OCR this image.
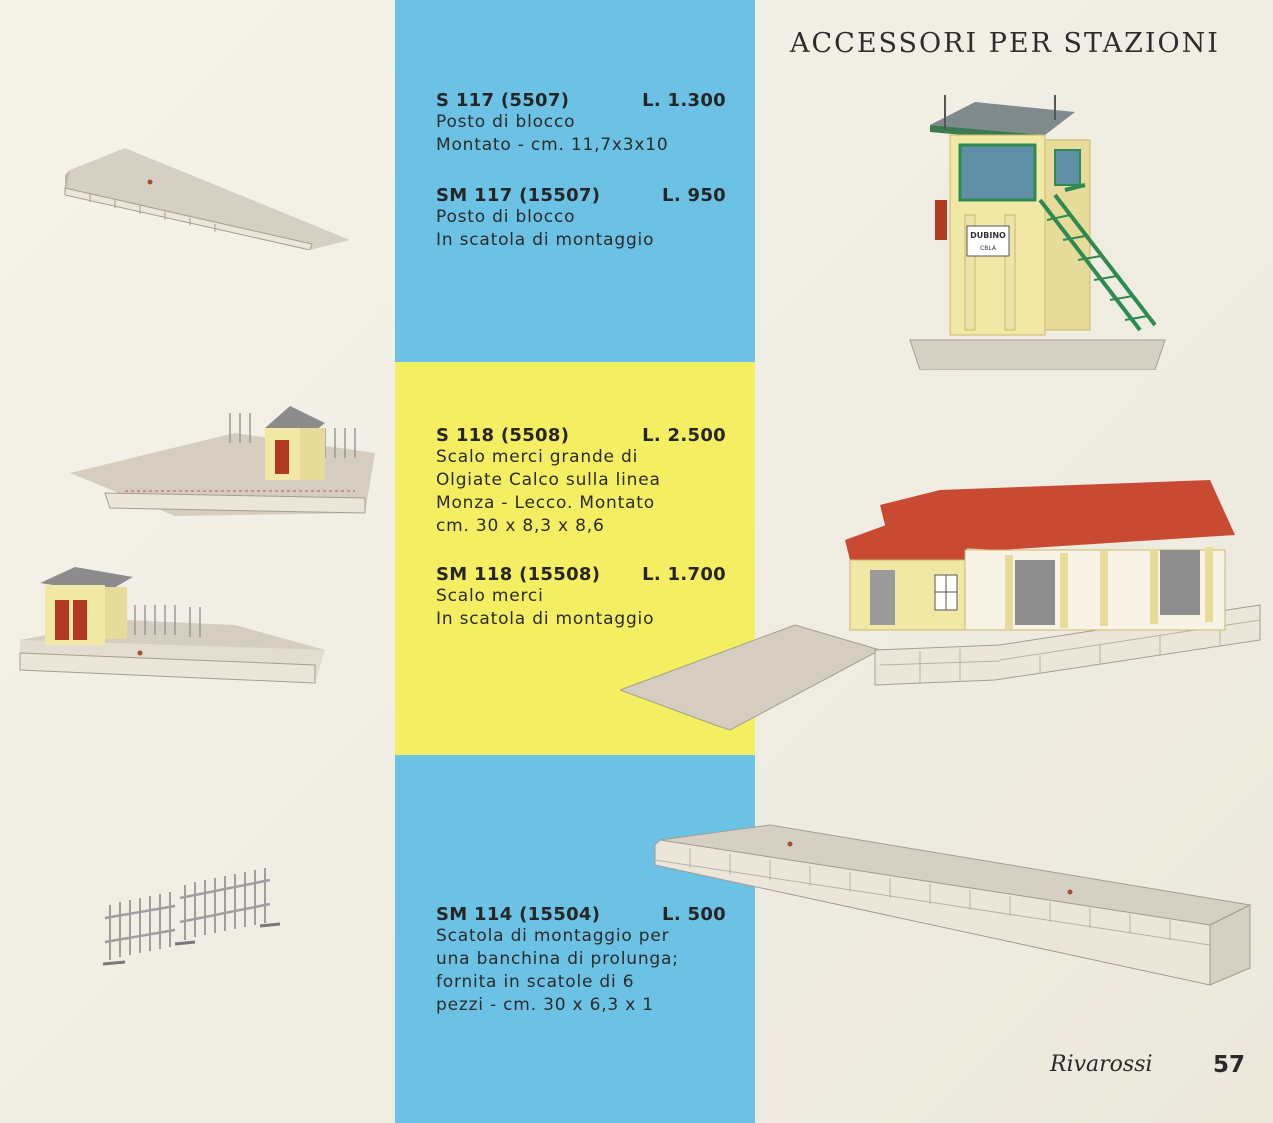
ACCESSORI PER STAZIONI
S 117 (5507)	L. 1.300
Posto di blocco
Montato - cm. 11,7x3x10
SM 117 (15507)	L. 950
Posto di blocco
In scatola di montaggio
S 118 (5508)	L. 2.500
Scalo merci grande di
Olgiate Calco sulla linea
Monza - Lecco. Montato
cm. 30 x 8,3 x 8,6
SM 118 (15508) L. 1.700
Scalo merci
In scatola di montaggio
SM 114 (15504)	L. 500
Scatola di montaggio per
una banchina di prolunga;
fornita in scatole di 6
pezzi - cm. 30 x 6,3 x 1
DUBINO
CBLA
Rivarossi	57
